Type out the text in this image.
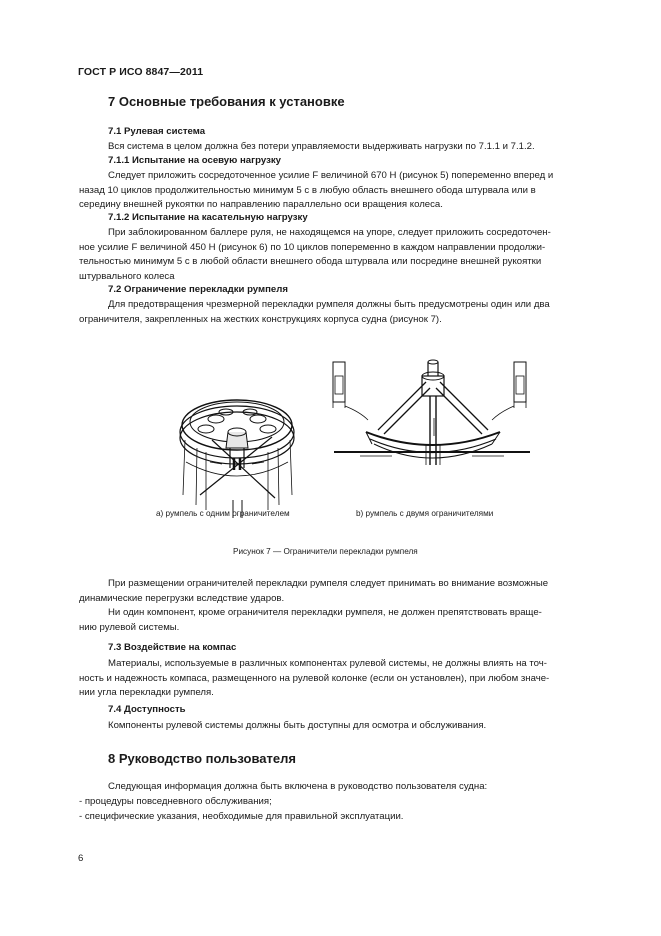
ГОСТ Р ИСО 8847—2011
7 Основные требования к установке
7.1 Рулевая система
Вся система в целом должна без потери управляемости выдерживать нагрузки по 7.1.1 и 7.1.2.
7.1.1 Испытание на осевую нагрузку
Следует приложить сосредоточенное усилие F величиной 670 Н (рисунок 5) попеременно вперед и
назад 10 циклов продолжительностью минимум 5 с в любую область внешнего обода штурвала или в
середину внешней рукоятки по направлению параллельно оси вращения колеса.
7.1.2 Испытание на касательную нагрузку
При заблокированном баллере руля, не находящемся на упоре, следует приложить сосредоточен-
ное усилие F величиной 450 Н (рисунок 6) по 10 циклов попеременно в каждом направлении продолжи-
тельностью минимум 5 с в любой области внешнего обода штурвала или посредине внешней рукоятки
штурвального колеса
7.2 Ограничение перекладки румпеля
Для предотвращения чрезмерной перекладки румпеля должны быть предусмотрены один или два
ограничителя, закрепленных на жестких конструкциях корпуса судна (рисунок 7).
a) румпель с одним ограничителем	b) румпель с двумя ограничителями
Рисунок 7 — Ограничители перекладки румпеля
При размещении ограничителей перекладки румпеля следует принимать во внимание возможные
динамические перегрузки вследствие ударов.
Ни один компонент, кроме ограничителя перекладки румпеля, не должен препятствовать враще-
нию рулевой системы.
7.3 Воздействие на компас
Материалы, используемые в различных компонентах рулевой системы, не должны влиять на точ-
ность и надежность компаса, размещенного на рулевой колонке (если он установлен), при любом значе-
нии угла перекладки румпеля.
7.4 Доступность
Компоненты рулевой системы должны быть доступны для осмотра и обслуживания.
8 Руководство пользователя
Следующая информация должна быть включена в руководство пользователя судна:
- процедуры повседневного обслуживания;
- специфические указания, необходимые для правильной эксплуатации.
6
